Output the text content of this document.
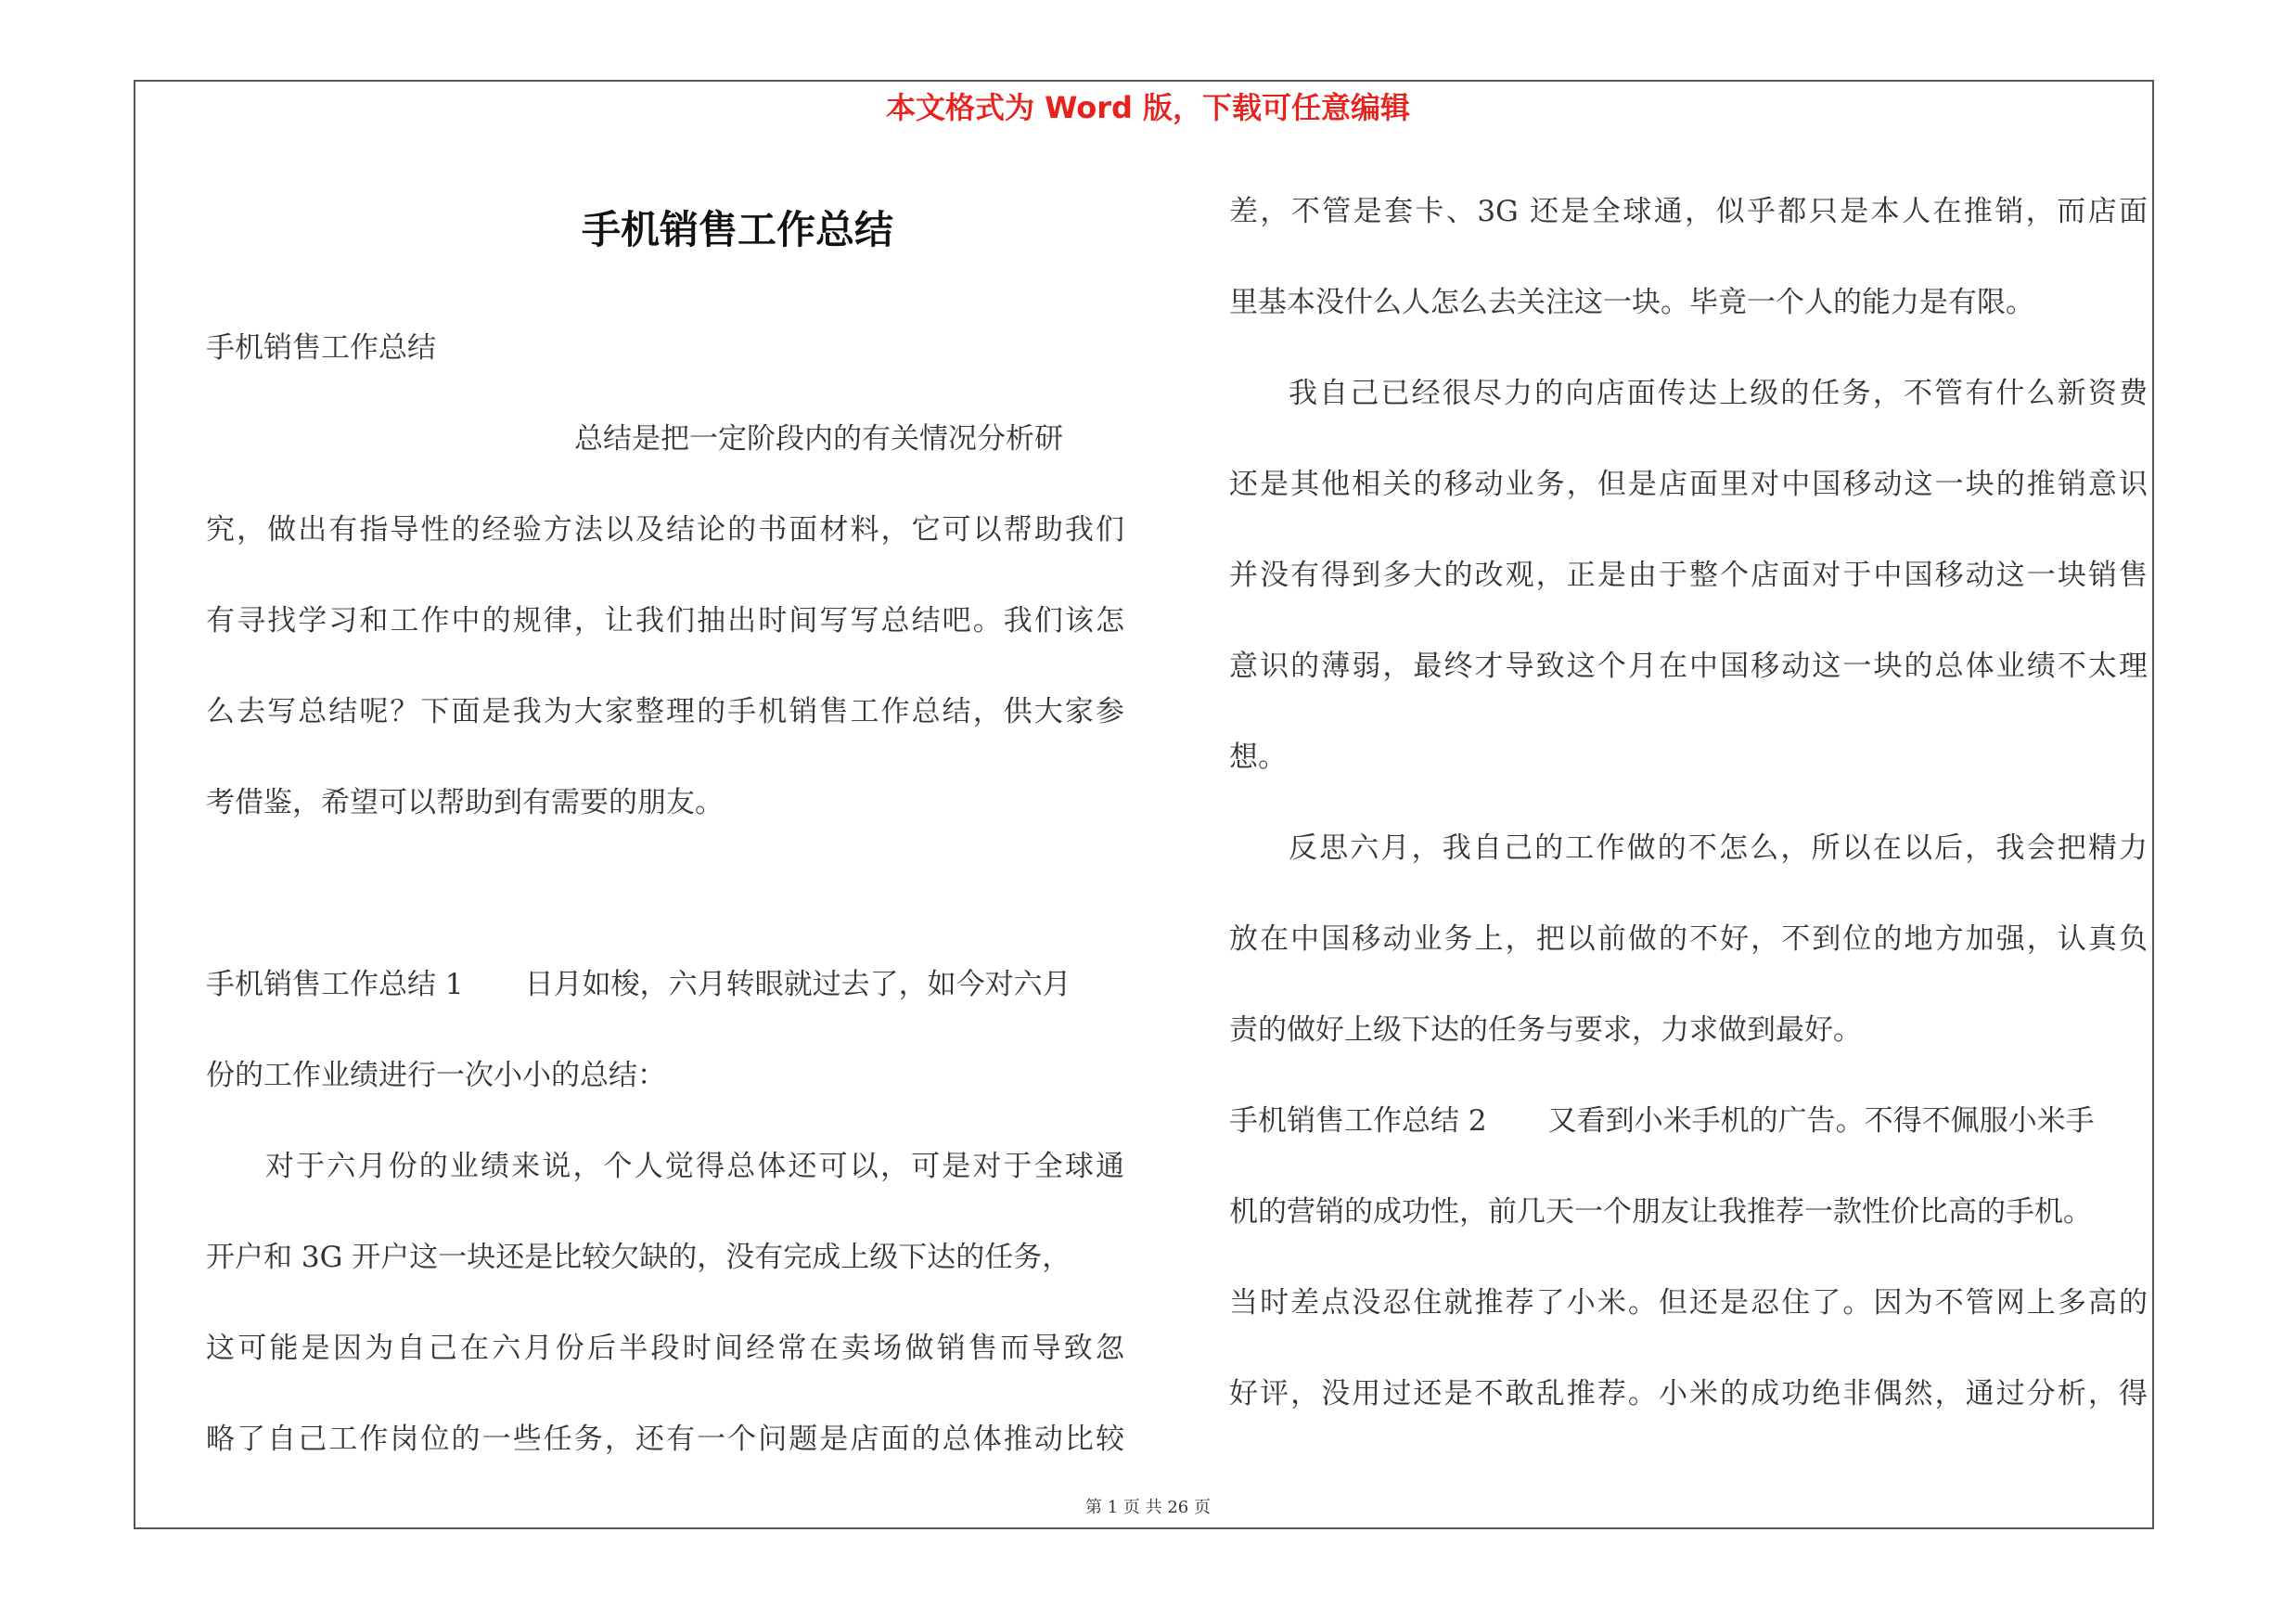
本文格式为 Word 版，下载可任意编辑
手机销售工作总结
手机销售工作总结
总结是把一定阶段内的有关情况分析研
究，做出有指导性的经验方法以及结论的书面材料，它可以帮助我们
有寻找学习和工作中的规律，让我们抽出时间写写总结吧。我们该怎
么去写总结呢？下面是我为大家整理的手机销售工作总结，供大家参
考借鉴，希望可以帮助到有需要的朋友。
手机销售工作总结 1 日月如梭，六月转眼就过去了，如今对六月
份的工作业绩进行一次小小的总结：
对于六月份的业绩来说，个人觉得总体还可以，可是对于全球通
开户和 3G 开户这一块还是比较欠缺的，没有完成上级下达的任务，
这可能是因为自己在六月份后半段时间经常在卖场做销售而导致忽
略了自己工作岗位的一些任务，还有一个问题是店面的总体推动比较
差，不管是套卡、3G 还是全球通，似乎都只是本人在推销，而店面
里基本没什么人怎么去关注这一块。毕竟一个人的能力是有限。
我自己已经很尽力的向店面传达上级的任务，不管有什么新资费
还是其他相关的移动业务，但是店面里对中国移动这一块的推销意识
并没有得到多大的改观，正是由于整个店面对于中国移动这一块销售
意识的薄弱，最终才导致这个月在中国移动这一块的总体业绩不太理
想。
反思六月，我自己的工作做的不怎么，所以在以后，我会把精力
放在中国移动业务上，把以前做的不好，不到位的地方加强，认真负
责的做好上级下达的任务与要求，力求做到最好。
手机销售工作总结 2 又看到小米手机的广告。不得不佩服小米手
机的营销的成功性，前几天一个朋友让我推荐一款性价比高的手机。
当时差点没忍住就推荐了小米。但还是忍住了。因为不管网上多高的
好评，没用过还是不敢乱推荐。小米的成功绝非偶然，通过分析，得
第 1 页 共 26 页
